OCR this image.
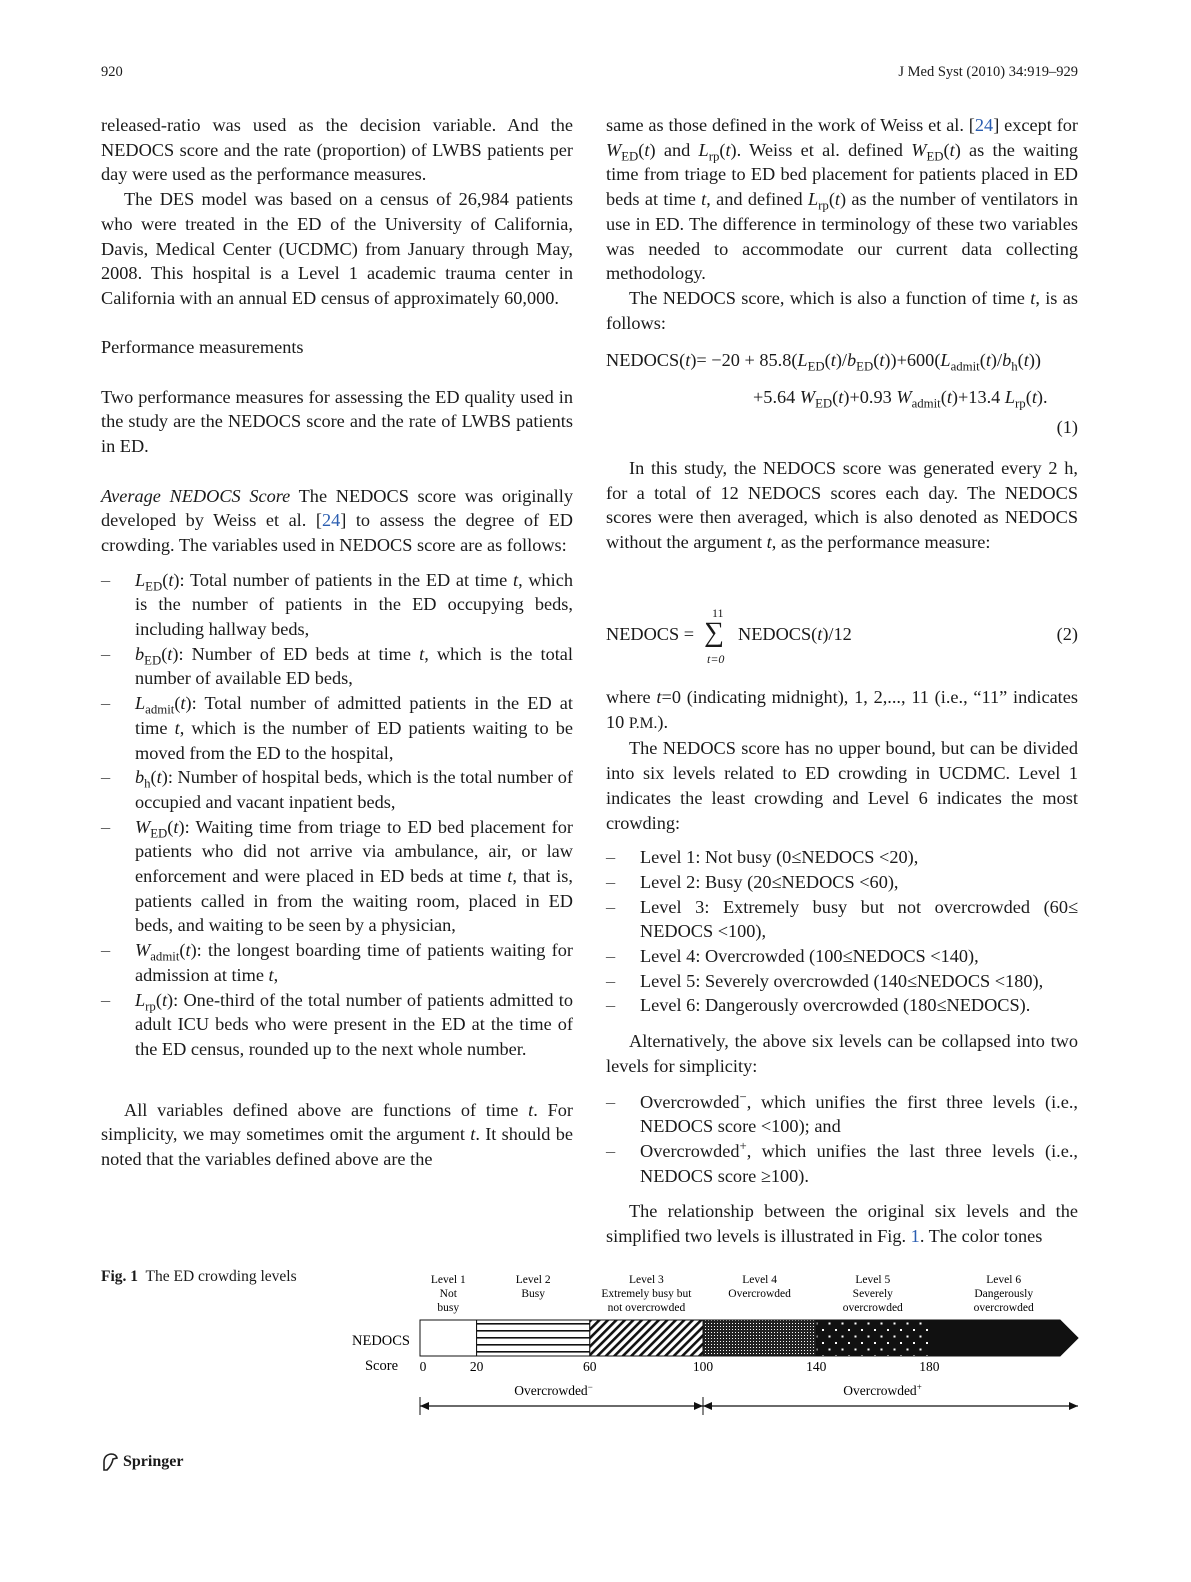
920	J Med Syst (2010) 34:919–929

released-ratio was used as the decision variable. And the NEDOCS score and the rate (proportion) of LWBS patients per day were used as the performance measures.

The DES model was based on a census of 26,984 patients who were treated in the ED of the University of California, Davis, Medical Center (UCDMC) from January through May, 2008. This hospital is a Level 1 academic trauma center in California with an annual ED census of approximately 60,000.

Performance measurements

Two performance measures for assessing the ED quality used in the study are the NEDOCS score and the rate of LWBS patients in ED.

Average NEDOCS Score The NEDOCS score was originally developed by Weiss et al. [24] to assess the degree of ED crowding. The variables used in NEDOCS score are as follows:

– $L_{ED}(t)$: Total number of patients in the ED at time t, which is the number of patients in the ED occupying beds, including hallway beds,
– $b_{ED}(t)$: Number of ED beds at time t, which is the total number of available ED beds,
– $L_{admit}(t)$: Total number of admitted patients in the ED at time t, which is the number of ED patients waiting to be moved from the ED to the hospital,
– $b_h(t)$: Number of hospital beds, which is the total number of occupied and vacant inpatient beds,
– $W_{ED}(t)$: Waiting time from triage to ED bed placement for patients who did not arrive via ambulance, air, or law enforcement and were placed in ED beds at time t, that is, patients called in from the waiting room, placed in ED beds, and waiting to be seen by a physician,
– $W_{admit}(t)$: the longest boarding time of patients waiting for admission at time t,
– $L_{rp}(t)$: One-third of the total number of patients admitted to adult ICU beds who were present in the ED at the time of the ED census, rounded up to the next whole number.

All variables defined above are functions of time t. For simplicity, we may sometimes omit the argument t. It should be noted that the variables defined above are the

same as those defined in the work of Weiss et al. [24] except for $W_{ED}(t)$ and $L_{rp}(t)$. Weiss et al. defined $W_{ED}(t)$ as the waiting time from triage to ED bed placement for patients placed in ED beds at time t, and defined $L_{rp}(t)$ as the number of ventilators in use in ED. The difference in terminology of these two variables was needed to accommodate our current data collecting methodology.

The NEDOCS score, which is also a function of time t, is as follows:

NEDOCS(t)= $-20 + 85.8(L_{ED}(t)/b_{ED}(t))+600(L_{admit}(t)/b_h(t))$
+5.64 $W_{ED}(t)+0.93$ $W_{admit}(t)+13.4$ $L_{rp}(t)$.
(1)

In this study, the NEDOCS score was generated every 2 h, for a total of 12 NEDOCS scores each day. The NEDOCS scores were then averaged, which is also denoted as NEDOCS without the argument t, as the performance measure:

NEDOCS = ∑
11
t=0
NEDOCS(t)/12	(2)

where t=0 (indicating midnight), 1, 2,..., 11 (i.e., “11” indicates 10 P.M.).

The NEDOCS score has no upper bound, but can be divided into six levels related to ED crowding in UCDMC. Level 1 indicates the least crowding and Level 6 indicates the most crowding:

– Level 1: Not busy (0≤NEDOCS <20),
– Level 2: Busy (20≤NEDOCS <60),
– Level 3: Extremely busy but not overcrowded (60≤ NEDOCS <100),
– Level 4: Overcrowded (100≤NEDOCS <140),
– Level 5: Severely overcrowded (140≤NEDOCS <180),
– Level 6: Dangerously overcrowded (180≤NEDOCS).

Alternatively, the above six levels can be collapsed into two levels for simplicity:

– Overcrowded−, which unifies the first three levels (i.e., NEDOCS score <100); and
– Overcrowded+, which unifies the last three levels (i.e., NEDOCS score ≥100).

The relationship between the original six levels and the simplified two levels is illustrated in Fig. 1. The color tones

Fig. 1 The ED crowding levels
NEDOCS
Score
Level 1
Not
busy
Level 2
Busy
Level 3
Extremely busy but
not overcrowded
Level 4
Overcrowded
Level 5
Severely
overcrowded
Level 6
Dangerously
overcrowded
0	20	60	100	140	180
Overcrowded−	Overcrowded+
Springer
